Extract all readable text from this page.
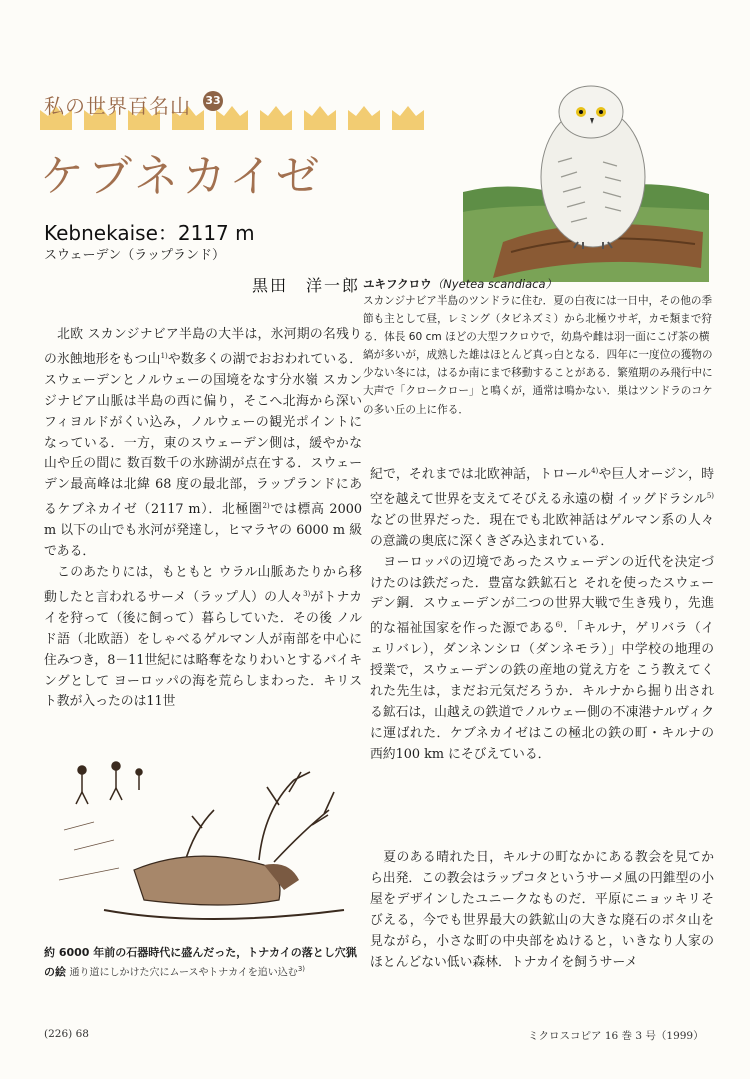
私の世界百名山 33
ケブネカイゼ
Kebnekaise：2117 m
スウェーデン（ラップランド）
黒田　洋一郎 ユキフクロウ（Nyetea scandiaca）
スカンジナビア半島のツンドラに住む．夏の白夜には一日中，その他の季節も主として昼，レミング（タビネズミ）から北極ウサギ，カモ類まで狩る．体長 60 cm ほどの大型フクロウで，幼鳥や雌は羽一面にこげ茶の横縞が多いが，成熟した雄はほとんど真っ白となる．四年に一度位の獲物の少ない冬には，はるか南にまで移動することがある．繁殖期のみ飛行中に大声で「クロークロー」と鳴くが，通常は鳴かない．巣はツンドラのコケの多い丘の上に作る．

　北欧 スカンジナビア半島の大半は，氷河期の名残りの氷蝕地形をもつ山$^{1)}$や数多くの湖でおおわれている．スウェーデンとノルウェーの国境をなす分水嶺 スカンジナビア山脈は半島の西に偏り，そこへ北海から深いフィヨルドがくい込み，ノルウェーの観光ポイントになっている．一方，東のスウェーデン側は，緩やかな山や丘の間に 数百数千の氷跡湖が点在する．スウェーデン最高峰は北緯 68 度の最北部，ラップランドにあるケブネカイゼ（2117 m）．北極圏$^{2)}$では標高 2000 m 以下の山でも氷河が発達し，ヒマラヤの 6000 m 級である．

　このあたりには，もともと ウラル山脈あたりから移動したと言われるサーメ（ラップ人）の人々$^{3)}$がトナカイを狩って（後に飼って）暮らしていた．その後 ノルド語（北欧語）をしゃべるゲルマン人が南部を中心に住みつき，8－11世紀には略奪をなりわいとするバイキングとして ヨーロッパの海を荒らしまわった．キリスト教が入ったのは11世

約 6000 年前の石器時代に盛んだった，トナカイの落とし穴猟の絵 通り道にしかけた穴にムースやトナカイを追い込む$^{3)}$

紀で，それまでは北欧神話，トロール$^{4)}$や巨人オージン，時空を越えて世界を支えてそびえる永遠の樹 イッグドラシル$^{5)}$などの世界だった．現在でも北欧神話はゲルマン系の人々の意識の奥底に深くきざみ込まれている．

　ヨーロッパの辺境であったスウェーデンの近代を決定づけたのは鉄だった．豊富な鉄鉱石と それを使ったスウェーデン鋼．スウェーデンが二つの世界大戦で生き残り，先進的な福祉国家を作った源である$^{6)}$．「キルナ，ゲリバラ（イェリバレ），ダンネンシロ（ダンネモラ）」中学校の地理の授業で，スウェーデンの鉄の産地の覚え方を こう教えてくれた先生は，まだお元気だろうか．キルナから掘り出される鉱石は，山越えの鉄道でノルウェー側の不凍港ナルヴィクに運ばれた．ケブネカイゼはこの極北の鉄の町・キルナの西約100 km にそびえている．

　夏のある晴れた日，キルナの町なかにある教会を見てから出発．この教会はラップコタというサーメ風の円錐型の小屋をデザインしたユニークなものだ．平原にニョッキリそびえる，今でも世界最大の鉄鉱山の大きな廃石のボタ山を見ながら，小さな町の中央部をぬけると，いきなり人家のほとんどない低い森林．トナカイを飼うサーメ

(226) 68	ミクロスコピア 16 巻 3 号（1999）
